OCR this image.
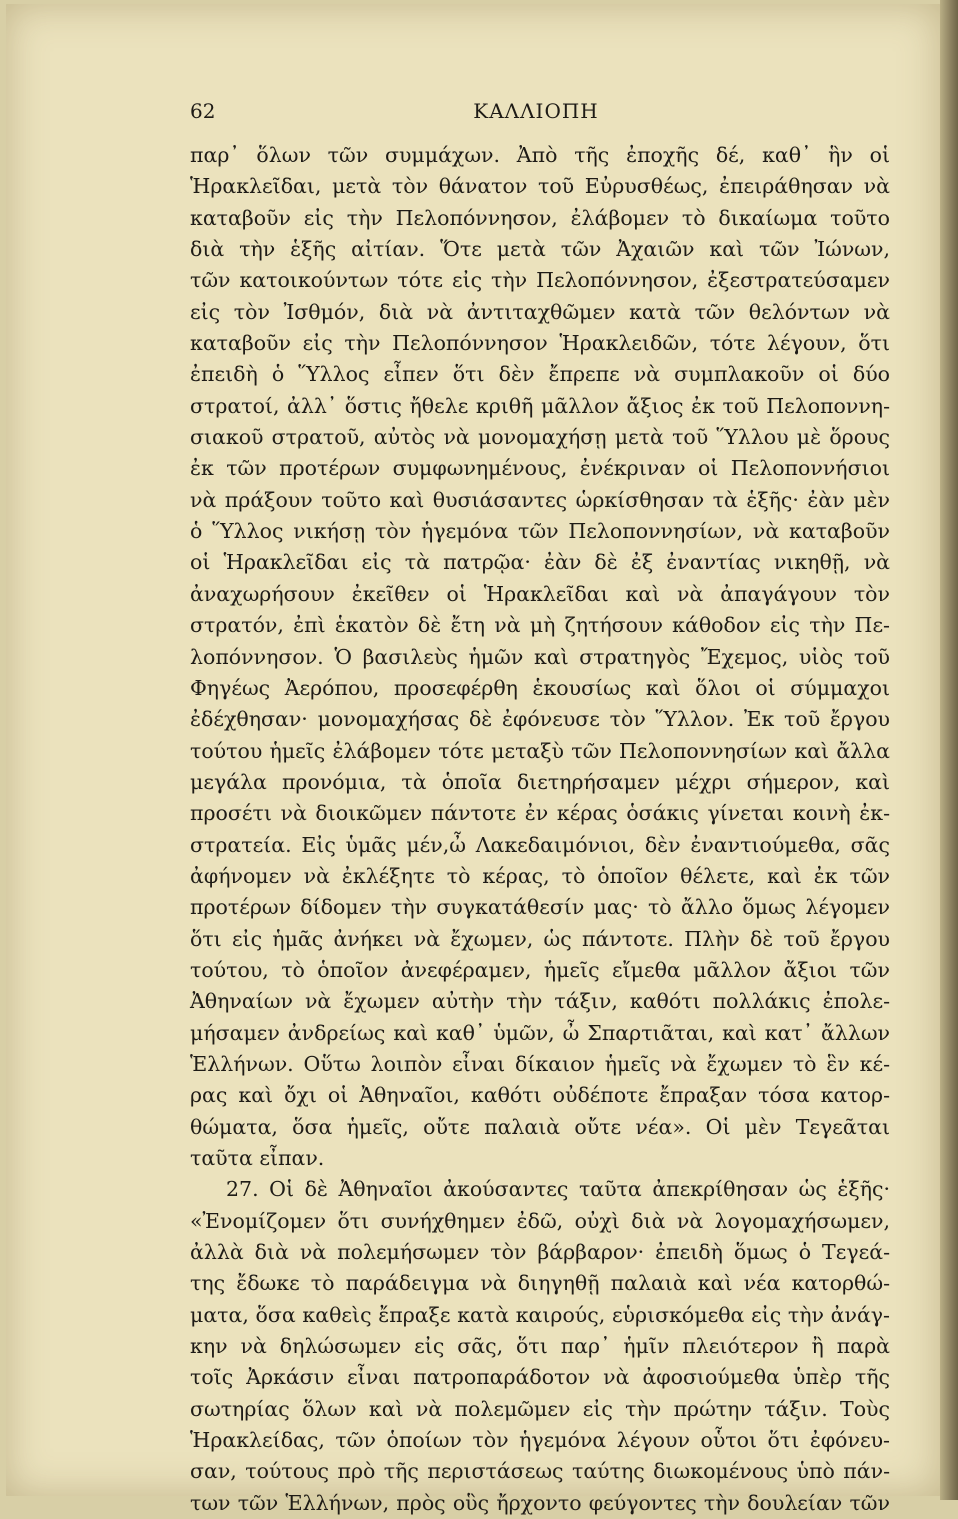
62	ΚΑΛΛΙΟΠΗ
παρ᾽ ὅλων τῶν συμμάχων. Ἀπὸ τῆς ἐποχῆς δέ, καθ᾽ ἣν οἱ
Ἡρακλεῖδαι, μετὰ τὸν θάνατον τοῦ Εὐρυσθέως, ἐπειράθησαν νὰ
καταβοῦν εἰς τὴν Πελοπόννησον, ἐλάβομεν τὸ δικαίωμα τοῦτο
διὰ τὴν ἑξῆς αἰτίαν. Ὅτε μετὰ τῶν Ἀχαιῶν καὶ τῶν Ἰώνων,
τῶν κατοικούντων τότε εἰς τὴν Πελοπόννησον, ἐξεστρατεύσαμεν
εἰς τὸν Ἰσθμόν, διὰ νὰ ἀντιταχθῶμεν κατὰ τῶν θελόντων νὰ
καταβοῦν εἰς τὴν Πελοπόννησον Ἡρακλειδῶν, τότε λέγουν, ὅτι
ἐπειδὴ ὁ Ὕλλος εἶπεν ὅτι δὲν ἔπρεπε νὰ συμπλακοῦν οἱ δύο
στρατοί, ἀλλ᾽ ὅστις ἤθελε κριθῆ μᾶλλον ἄξιος ἐκ τοῦ Πελοποννη-
σιακοῦ στρατοῦ, αὐτὸς νὰ μονομαχήσῃ μετὰ τοῦ Ὕλλου μὲ ὅρους
ἐκ τῶν προτέρων συμφωνημένους, ἐνέκριναν οἱ Πελοποννήσιοι
νὰ πράξουν τοῦτο καὶ θυσιάσαντες ὡρκίσθησαν τὰ ἑξῆς· ἐὰν μὲν
ὁ Ὕλλος νικήσῃ τὸν ἡγεμόνα τῶν Πελοποννησίων, νὰ καταβοῦν
οἱ Ἡρακλεῖδαι εἰς τὰ πατρῷα· ἐὰν δὲ ἐξ ἐναντίας νικηθῇ, νὰ
ἀναχωρήσουν ἐκεῖθεν οἱ Ἡρακλεῖδαι καὶ νὰ ἀπαγάγουν τὸν
στρατόν, ἐπὶ ἑκατὸν δὲ ἔτη νὰ μὴ ζητήσουν κάθοδον εἰς τὴν Πε-
λοπόννησον. Ὁ βασιλεὺς ἡμῶν καὶ στρατηγὸς Ἔχεμος, υἱὸς τοῦ
Φηγέως Ἀερόπου, προσεφέρθη ἑκουσίως καὶ ὅλοι οἱ σύμμαχοι
ἐδέχθησαν· μονομαχήσας δὲ ἐφόνευσε τὸν Ὕλλον. Ἐκ τοῦ ἔργου
τούτου ἡμεῖς ἐλάβομεν τότε μεταξὺ τῶν Πελοποννησίων καὶ ἄλλα
μεγάλα προνόμια, τὰ ὁποῖα διετηρήσαμεν μέχρι σήμερον, καὶ
προσέτι νὰ διοικῶμεν πάντοτε ἐν κέρας ὁσάκις γίνεται κοινὴ ἐκ-
στρατεία. Εἰς ὑμᾶς μέν,ὦ Λακεδαιμόνιοι, δὲν ἐναντιούμεθα, σᾶς
ἀφήνομεν νὰ ἐκλέξητε τὸ κέρας, τὸ ὁποῖον θέλετε, καὶ ἐκ τῶν
προτέρων δίδομεν τὴν συγκατάθεσίν μας· τὸ ἄλλο ὅμως λέγομεν
ὅτι εἰς ἡμᾶς ἀνήκει νὰ ἔχωμεν, ὡς πάντοτε. Πλὴν δὲ τοῦ ἔργου
τούτου, τὸ ὁποῖον ἀνεφέραμεν, ἡμεῖς εἴμεθα μᾶλλον ἄξιοι τῶν
Ἀθηναίων νὰ ἔχωμεν αὐτὴν τὴν τάξιν, καθότι πολλάκις ἐπολε-
μήσαμεν ἀνδρείως καὶ καθ᾽ ὑμῶν, ὦ Σπαρτιᾶται, καὶ κατ᾽ ἄλλων
Ἑλλήνων. Οὕτω λοιπὸν εἶναι δίκαιον ἡμεῖς νὰ ἔχωμεν τὸ ἓν κέ-
ρας καὶ ὄχι οἱ Ἀθηναῖοι, καθότι οὐδέποτε ἔπραξαν τόσα κατορ-
θώματα, ὅσα ἡμεῖς, οὔτε παλαιὰ οὔτε νέα». Οἱ μὲν Τεγεᾶται
ταῦτα εἶπαν.
27. Οἱ δὲ Ἀθηναῖοι ἀκούσαντες ταῦτα ἀπεκρίθησαν ὡς ἑξῆς·
«Ἐνομίζομεν ὅτι συνήχθημεν ἐδῶ, οὐχὶ διὰ νὰ λογομαχήσωμεν,
ἀλλὰ διὰ νὰ πολεμήσωμεν τὸν βάρβαρον· ἐπειδὴ ὅμως ὁ Τεγεά-
της ἔδωκε τὸ παράδειγμα νὰ διηγηθῇ παλαιὰ καὶ νέα κατορθώ-
ματα, ὅσα καθεὶς ἔπραξε κατὰ καιρούς, εὑρισκόμεθα εἰς τὴν ἀνάγ-
κην νὰ δηλώσωμεν εἰς σᾶς, ὅτι παρ᾽ ἡμῖν πλειότερον ἢ παρὰ
τοῖς Ἀρκάσιν εἶναι πατροπαράδοτον νὰ ἀφοσιούμεθα ὑπὲρ τῆς
σωτηρίας ὅλων καὶ νὰ πολεμῶμεν εἰς τὴν πρώτην τάξιν. Τοὺς
Ἡρακλείδας, τῶν ὁποίων τὸν ἡγεμόνα λέγουν οὗτοι ὅτι ἐφόνευ-
σαν, τούτους πρὸ τῆς περιστάσεως ταύτης διωκομένους ὑπὸ πάν-
των τῶν Ἑλλήνων, πρὸς οὓς ἤρχοντο φεύγοντες τὴν δουλείαν τῶν
